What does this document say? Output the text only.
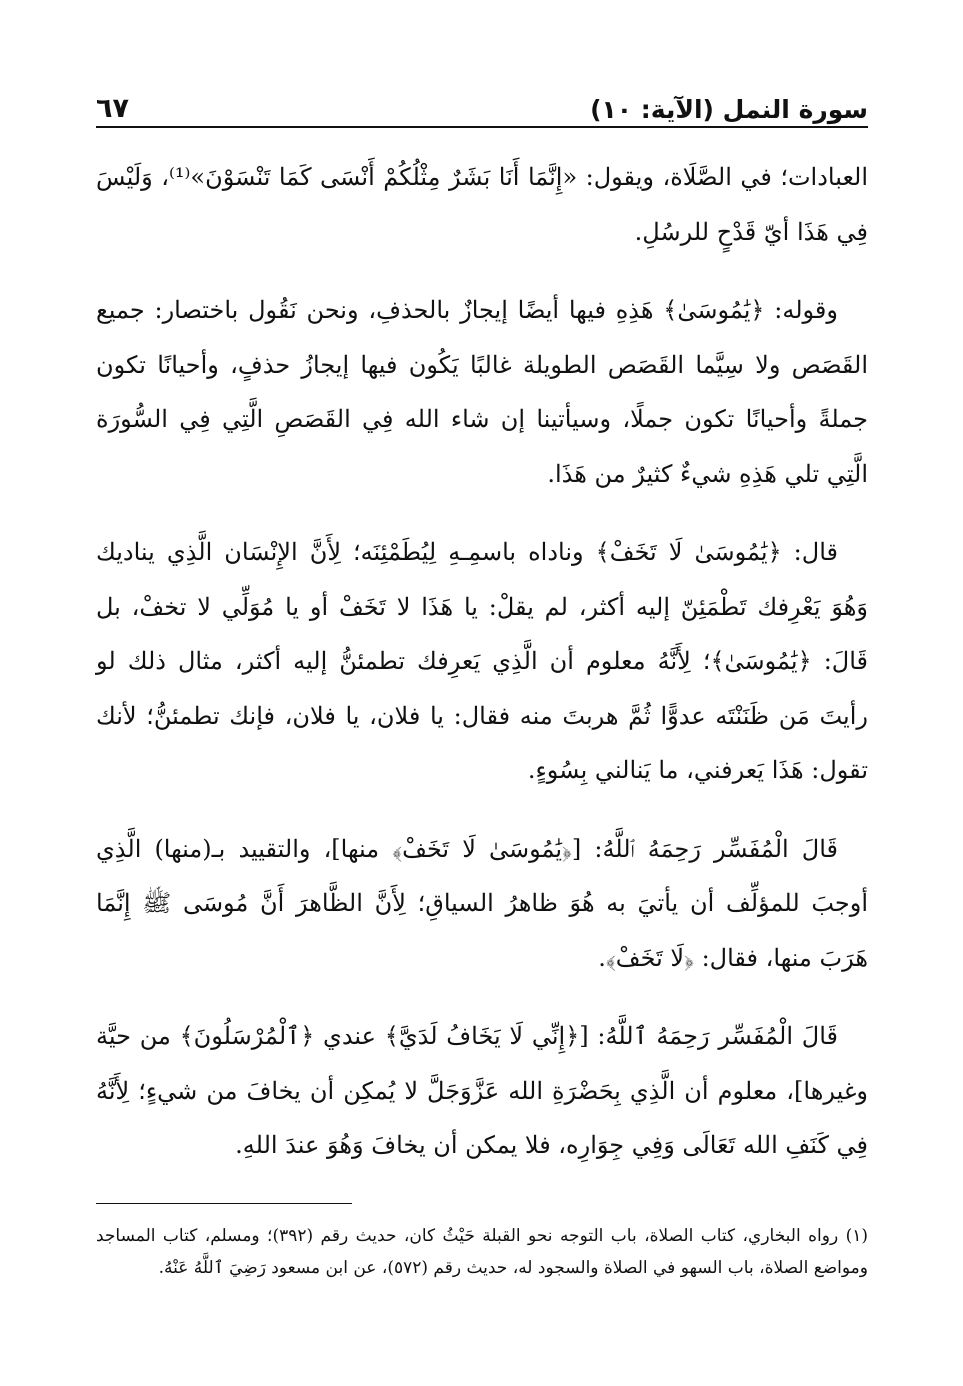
سورة النمل (الآية: ١٠)
٦٧

العبادات؛ في الصَّلَاة، ويقول: «إِنَّمَا أَنَا بَشَرٌ مِثْلُكُمْ أَنْسَى كَمَا تَنْسَوْنَ»⁽¹⁾، وَلَيْسَ فِي هَذَا أيّ قَدْحٍ للرسُلِ.

وقوله: ﴿يَٰمُوسَىٰ﴾ هَذِهِ فيها أيضًا إيجازٌ بالحذفِ، ونحن نَقُول باختصار: جميع القَصَص ولا سِيَّما القَصَص الطويلة غالبًا يَكُون فيها إيجازُ حذفٍ، وأحيانًا تكون جملةً وأحيانًا تكون جملًا، وسيأتينا إن شاء الله فِي القَصَصِ الَّتِي فِي السُّورَة الَّتِي تلي هَذِهِ شيءٌ كثيرٌ من هَذَا.

قال: ﴿يَٰمُوسَىٰ لَا تَخَفْ﴾ وناداه باسمِـهِ لِيُطَمْئِنَه؛ لِأَنَّ الإِنْسَان الَّذِي يناديك وَهُوَ يَعْرِفك تَطْمَئِنّ إليه أكثر، لم يقلْ: يا هَذَا لا تَخَفْ أو يا مُوَلِّي لا تخفْ، بل قَالَ: ﴿يَٰمُوسَىٰ﴾؛ لِأَنَّهُ معلوم أن الَّذِي يَعرِفك تطمئنُّ إليه أكثر، مثال ذلك لو رأيتَ مَن ظَنَنْتَه عدوًّا ثُمَّ هربتَ منه فقال: يا فلان، يا فلان، فإنك تطمئنُّ؛ لأنك تقول: هَذَا يَعرفني، ما يَنالني بِسُوءٍ.

قَالَ الْمُفَسِّر رَحِمَهُ ٱللَّهُ: [﴿يَٰمُوسَىٰ لَا تَخَفْ﴾ منها]، والتقييد بـ(منها) الَّذِي أوجبَ للمؤلِّف أن يأتيَ به هُوَ ظاهرُ السياقِ؛ لِأَنَّ الظَّاهرَ أَنَّ مُوسَى ﷺ إِنَّمَا هَرَبَ منها، فقال: ﴿لَا تَخَفْ﴾.

قَالَ الْمُفَسِّر رَحِمَهُ ٱللَّهُ: [﴿إِنِّي لَا يَخَافُ لَدَيَّ﴾ عندي ﴿ٱلْمُرْسَلُونَ﴾ من حيَّة وغيرها]، معلوم أن الَّذِي بِحَضْرَةِ الله عَزَّوَجَلَّ لا يُمكِن أن يخافَ من شيءٍ؛ لِأَنَّهُ فِي كَنَفِ الله تَعَالَى وَفِي جِوَارِه، فلا يمكن أن يخافَ وَهُوَ عندَ اللهِ.

(١) رواه البخاري، كتاب الصلاة، باب التوجه نحو القبلة حَيْثُ كان، حديث رقم (٣٩٢)؛ ومسلم، كتاب المساجد ومواضع الصلاة، باب السهو في الصلاة والسجود له، حديث رقم (٥٧٢)، عن ابن مسعود رَضِيَ ٱللَّهُ عَنْهُ.
